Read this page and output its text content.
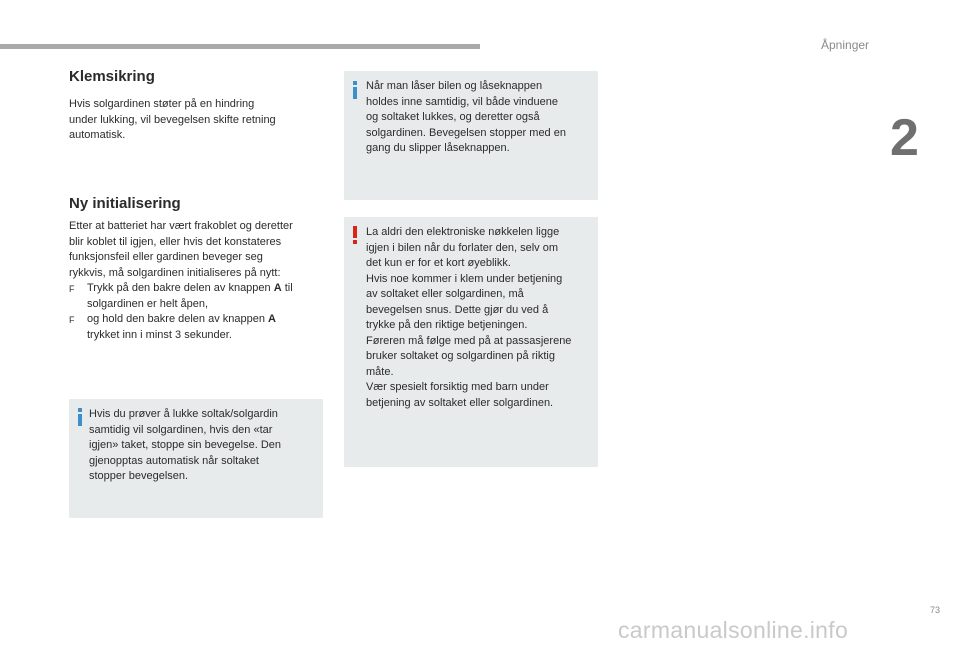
Åpninger
2
Klemsikring
Hvis solgardinen støter på en hindring
under lukking, vil bevegelsen skifte retning
automatisk.
Ny initialisering
Etter at batteriet har vært frakoblet og deretter
blir koblet til igjen, eller hvis det konstateres
funksjonsfeil eller gardinen beveger seg
rykkvis, må solgardinen initialiseres på nytt:
F	Trykk på den bakre delen av knappen A til
solgardinen er helt åpen,
F	og hold den bakre delen av knappen A
trykket inn i minst 3 sekunder.
Hvis du prøver å lukke soltak/solgardin
samtidig vil solgardinen, hvis den «tar
igjen» taket, stoppe sin bevegelse. Den
gjenopptas automatisk når soltaket
stopper bevegelsen.
Når man låser bilen og låseknappen
holdes inne samtidig, vil både vinduene
og soltaket lukkes, og deretter også
solgardinen. Bevegelsen stopper med en
gang du slipper låseknappen.
La aldri den elektroniske nøkkelen ligge
igjen i bilen når du forlater den, selv om
det kun er for et kort øyeblikk.
Hvis noe kommer i klem under betjening
av soltaket eller solgardinen, må
bevegelsen snus. Dette gjør du ved å
trykke på den riktige betjeningen.
Føreren må følge med på at passasjerene
bruker soltaket og solgardinen på riktig
måte.
Vær spesielt forsiktig med barn under
betjening av soltaket eller solgardinen.
73
carmanualsonline.info
